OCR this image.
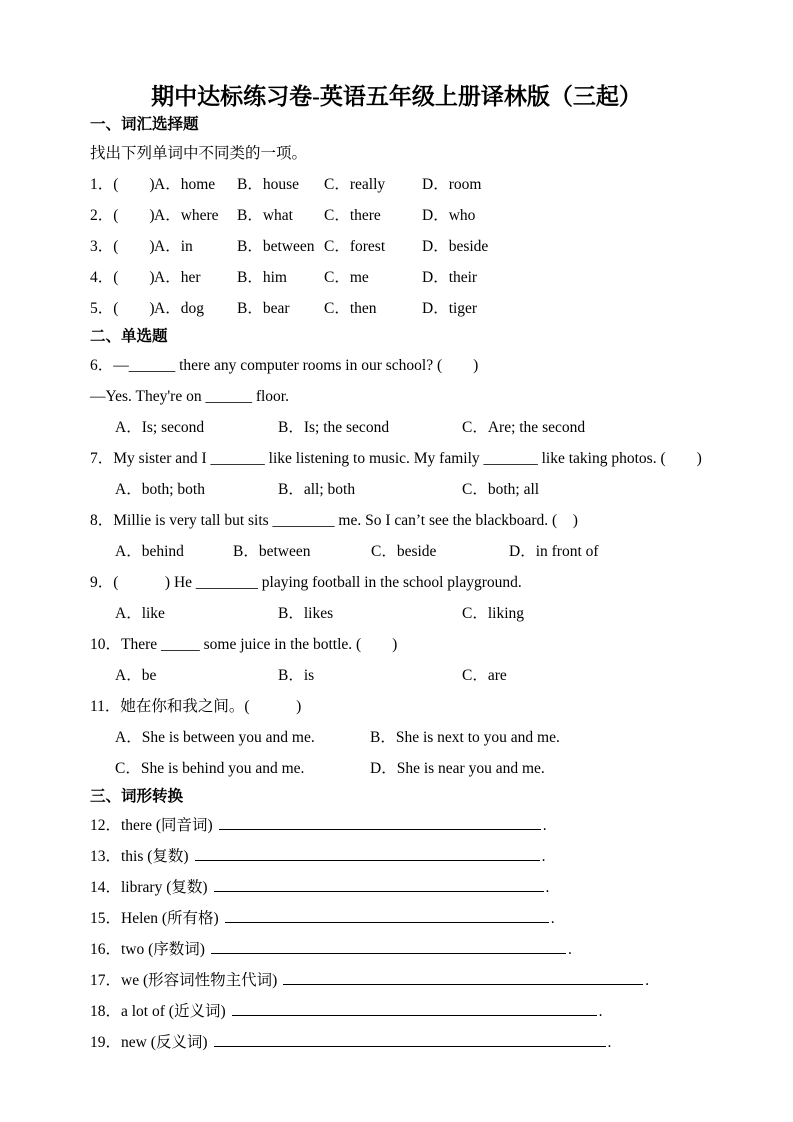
期中达标练习卷-英语五年级上册译林版（三起）
一、词汇选择题
找出下列单词中不同类的一项。
1．(　　) A．home	B．house	C．really	D．room
2．(　　) A．where	B．what	C．there	D．who
3．(　　) A．in	B．between C．forest	D．beside
4．(　　) A．her	B．him	C．me	D．their
5．(　　) A．dog	B．bear	C．then	D．tiger
二、单选题
6．—______ there any computer rooms in our school? (　　)
—Yes. They're on ______ floor.
A．Is; second	B．Is; the second	C．Are; the second
7．My sister and I _______ like listening to music. My family _______ like taking photos. (　　)
A．both; both	B．all; both	C．both; all
8．Millie is very tall but sits ________ me. So I can’t see the blackboard. (　)
A．behind	B．between	C．beside	D．in front of
9．(　　　) He ________ playing football in the school playground.
A．like	B．likes	C．liking
10．There _____ some juice in the bottle. (　　)
A．be	B．is	C．are
11．她在你和我之间。(　　　)
A．She is between you and me.	B．She is next to you and me.
C．She is behind you and me.	D．She is near you and me.
三、词形转换
12．there (同音词)	.
13．this (复数)	.
14．library (复数)	.
15．Helen (所有格)	.
16．two (序数词)	.
17．we (形容词性物主代词)	.
18．a lot of (近义词)	.
19．new (反义词)	.
